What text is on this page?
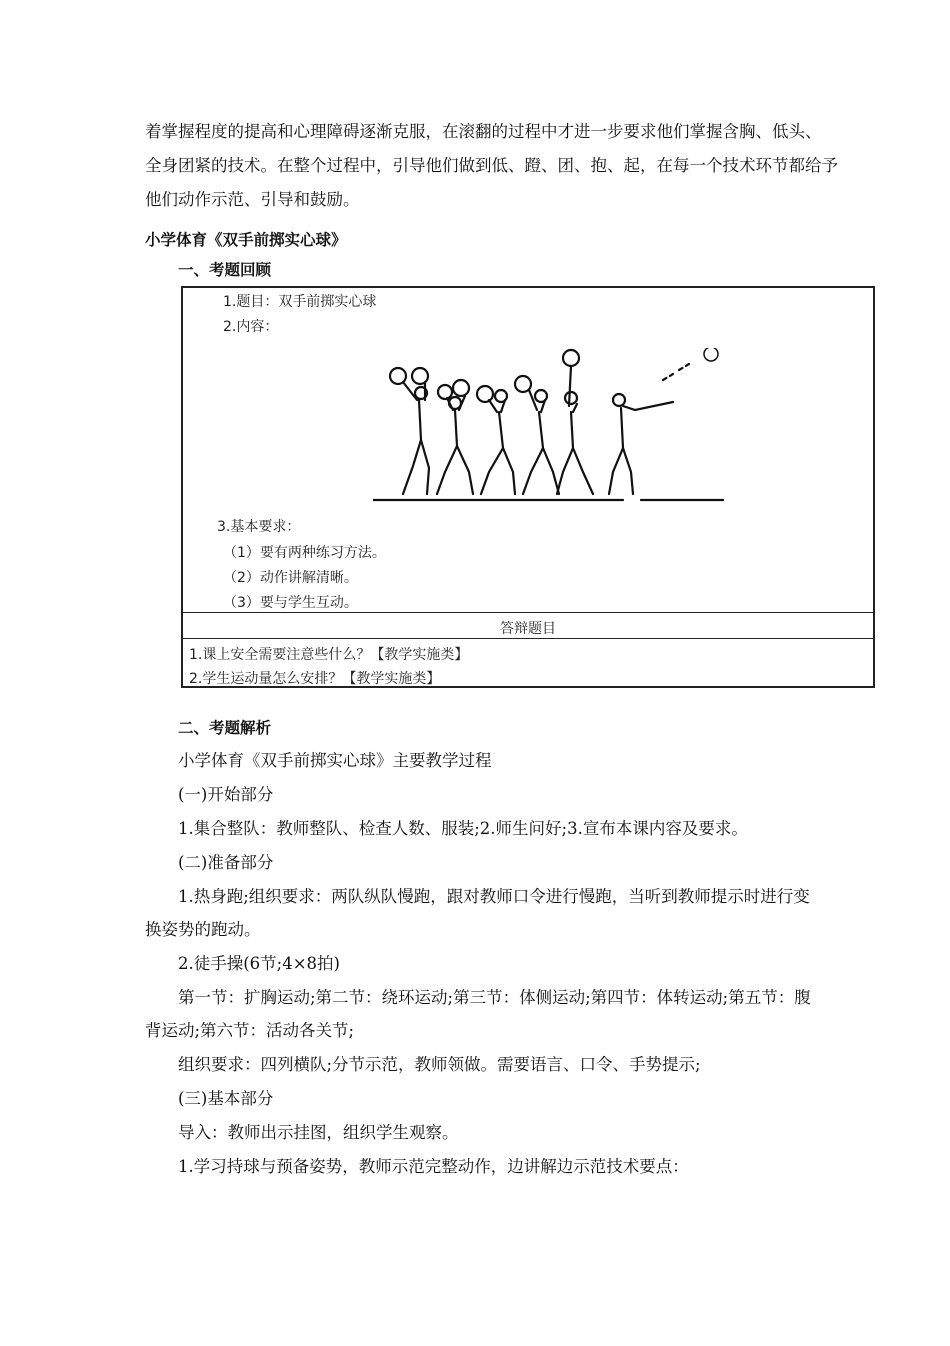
着掌握程度的提高和心理障碍逐渐克服，在滚翻的过程中才进一步要求他们掌握含胸、低头、
全身团紧的技术。在整个过程中，引导他们做到低、蹬、团、抱、起，在每一个技术环节都给予
他们动作示范、引导和鼓励。
小学体育《双手前掷实心球》
一、考题回顾
1.题目：双手前掷实心球
2.内容：
3.基本要求：
（1）要有两种练习方法。
（2）动作讲解清晰。
（3）要与学生互动。
答辩题目
1.课上安全需要注意些什么？【教学实施类】
2.学生运动量怎么安排？【教学实施类】
二、考题解析
小学体育《双手前掷实心球》主要教学过程
(一)开始部分
1.集合整队：教师整队、检查人数、服装;2.师生问好;3.宣布本课内容及要求。
(二)准备部分
1.热身跑;组织要求：两队纵队慢跑，跟对教师口令进行慢跑，当听到教师提示时进行变
换姿势的跑动。
2.徒手操(6节;4×8拍)
第一节：扩胸运动;第二节：绕环运动;第三节：体侧运动;第四节：体转运动;第五节：腹
背运动;第六节：活动各关节;
组织要求：四列横队;分节示范，教师领做。需要语言、口令、手势提示;
(三)基本部分
导入：教师出示挂图，组织学生观察。
1.学习持球与预备姿势，教师示范完整动作，边讲解边示范技术要点：
